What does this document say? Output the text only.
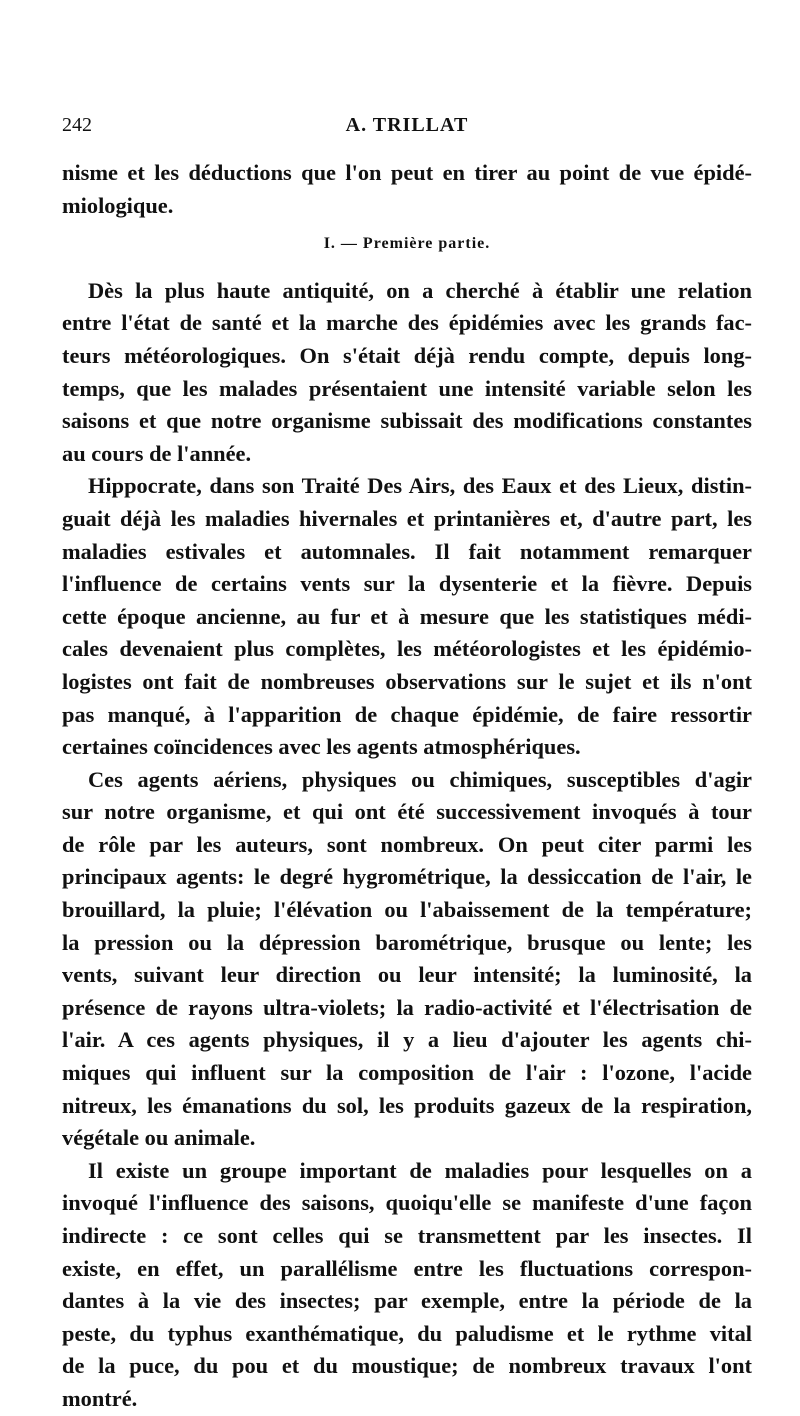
242	A. TRILLAT
nisme et les déductions que l'on peut en tirer au point de vue épidé-
miologique.
I. — Première partie.
Dès la plus haute antiquité, on a cherché à établir une relation
entre l'état de santé et la marche des épidémies avec les grands fac-
teurs météorologiques. On s'était déjà rendu compte, depuis long-
temps, que les malades présentaient une intensité variable selon les
saisons et que notre organisme subissait des modifications constantes
au cours de l'année.
Hippocrate, dans son Traité Des Airs, des Eaux et des Lieux, distin-
guait déjà les maladies hivernales et printanières et, d'autre part, les
maladies estivales et automnales. Il fait notamment remarquer
l'influence de certains vents sur la dysenterie et la fièvre. Depuis
cette époque ancienne, au fur et à mesure que les statistiques médi-
cales devenaient plus complètes, les météorologistes et les épidémio-
logistes ont fait de nombreuses observations sur le sujet et ils n'ont
pas manqué, à l'apparition de chaque épidémie, de faire ressortir
certaines coïncidences avec les agents atmosphériques.
Ces agents aériens, physiques ou chimiques, susceptibles d'agir
sur notre organisme, et qui ont été successivement invoqués à tour
de rôle par les auteurs, sont nombreux. On peut citer parmi les
principaux agents: le degré hygrométrique, la dessiccation de l'air, le
brouillard, la pluie; l'élévation ou l'abaissement de la température;
la pression ou la dépression barométrique, brusque ou lente; les
vents, suivant leur direction ou leur intensité; la luminosité, la
présence de rayons ultra-violets; la radio-activité et l'électrisation de
l'air. A ces agents physiques, il y a lieu d'ajouter les agents chi-
miques qui influent sur la composition de l'air : l'ozone, l'acide
nitreux, les émanations du sol, les produits gazeux de la respiration,
végétale ou animale.
Il existe un groupe important de maladies pour lesquelles on a
invoqué l'influence des saisons, quoiqu'elle se manifeste d'une façon
indirecte : ce sont celles qui se transmettent par les insectes. Il
existe, en effet, un parallélisme entre les fluctuations correspon-
dantes à la vie des insectes; par exemple, entre la période de la
peste, du typhus exanthématique, du paludisme et le rythme vital
de la puce, du pou et du moustique; de nombreux travaux l'ont
montré.
